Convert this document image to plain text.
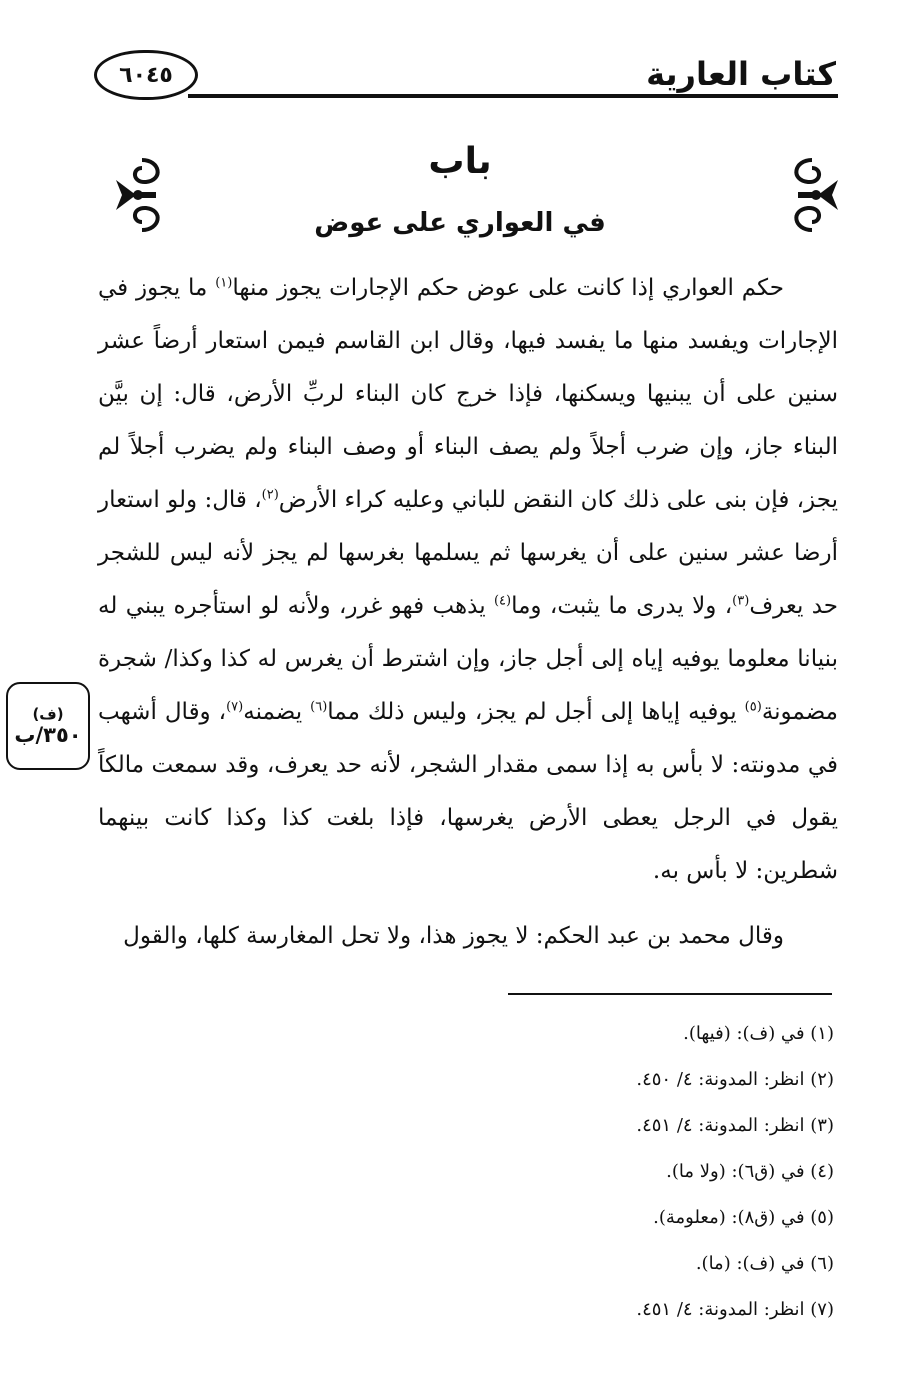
كتاب العارية
٦٠٤٥
باب
في العواري على عوض

حكم العواري إذا كانت على عوض حكم الإجارات يجوز منها$^{(١)}$ ما يجوز في الإجارات ويفسد منها ما يفسد فيها، وقال ابن القاسم فيمن استعار أرضاً عشر سنين على أن يبنيها ويسكنها، فإذا خرج كان البناء لربِّ الأرض، قال: إن بيَّن البناء جاز، وإن ضرب أجلاً ولم يصف البناء أو وصف البناء ولم يضرب أجلاً لم يجز، فإن بنى على ذلك كان النقض للباني وعليه كراء الأرض$^{(٢)}$، قال: ولو استعار أرضا عشر سنين على أن يغرسها ثم يسلمها بغرسها لم يجز لأنه ليس للشجر حد يعرف$^{(٣)}$، ولا يدرى ما يثبت، وما$^{(٤)}$ يذهب فهو غرر، ولأنه لو استأجره يبني له بنيانا معلوما يوفيه إياه إلى أجل جاز، وإن اشترط أن يغرس له كذا وكذا/ شجرة مضمونة$^{(٥)}$ يوفيه إياها إلى أجل لم يجز، وليس ذلك مما$^{(٦)}$ يضمنه$^{(٧)}$، وقال أشهب في مدونته: لا بأس به إذا سمى مقدار الشجر، لأنه حد يعرف، وقد سمعت مالكاً يقول في الرجل يعطى الأرض يغرسها، فإذا بلغت كذا وكذا كانت بينهما شطرين: لا بأس به.

وقال محمد بن عبد الحكم: لا يجوز هذا، ولا تحل المغارسة كلها، والقول

(ف)
٣٥٠/ب
(١) في (ف): (فيها).
(٢) انظر: المدونة: ٤/ ٤٥٠.
(٣) انظر: المدونة: ٤/ ٤٥١.
(٤) في (ق٦): (ولا ما).
(٥) في (ق٨): (معلومة).
(٦) في (ف): (ما).
(٧) انظر: المدونة: ٤/ ٤٥١.
